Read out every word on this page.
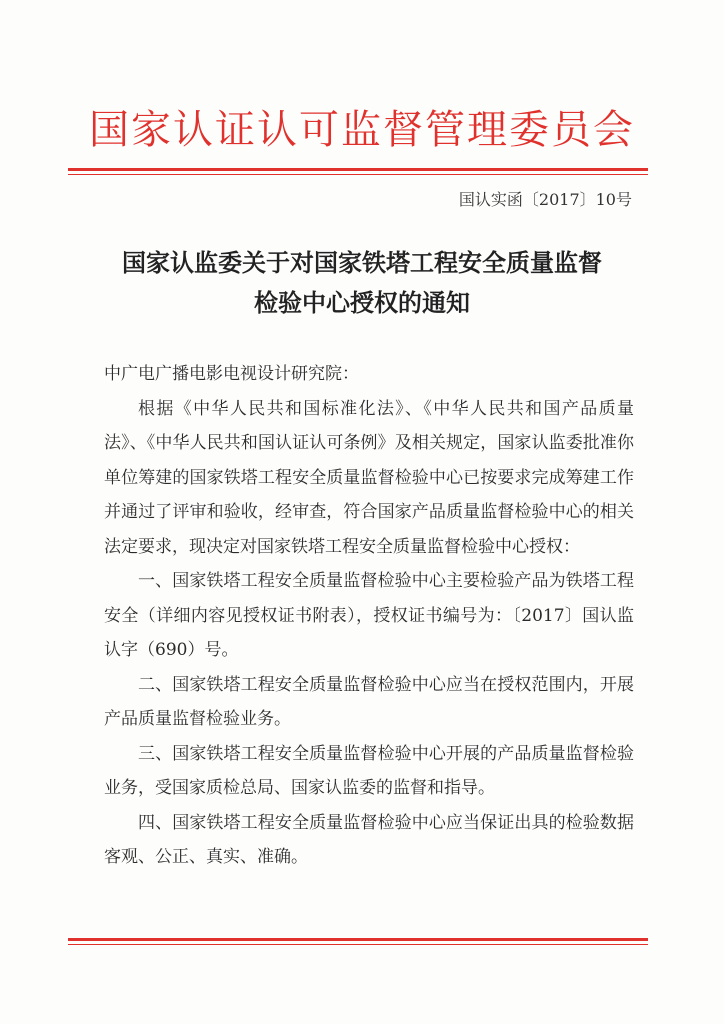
国家认证认可监督管理委员会
国认实函〔2017〕10号
国家认监委关于对国家铁塔工程安全质量监督
检验中心授权的通知

中广电广播电影电视设计研究院：

根据《中华人民共和国标准化法》、《中华人民共和国产品质量法》、《中华人民共和国认证认可条例》及相关规定，国家认监委批准你单位筹建的国家铁塔工程安全质量监督检验中心已按要求完成筹建工作并通过了评审和验收，经审查，符合国家产品质量监督检验中心的相关法定要求，现决定对国家铁塔工程安全质量监督检验中心授权：

一、国家铁塔工程安全质量监督检验中心主要检验产品为铁塔工程安全（详细内容见授权证书附表），授权证书编号为：〔2017〕国认监认字（690）号。

二、国家铁塔工程安全质量监督检验中心应当在授权范围内，开展产品质量监督检验业务。

三、国家铁塔工程安全质量监督检验中心开展的产品质量监督检验业务，受国家质检总局、国家认监委的监督和指导。

四、国家铁塔工程安全质量监督检验中心应当保证出具的检验数据客观、公正、真实、准确。
